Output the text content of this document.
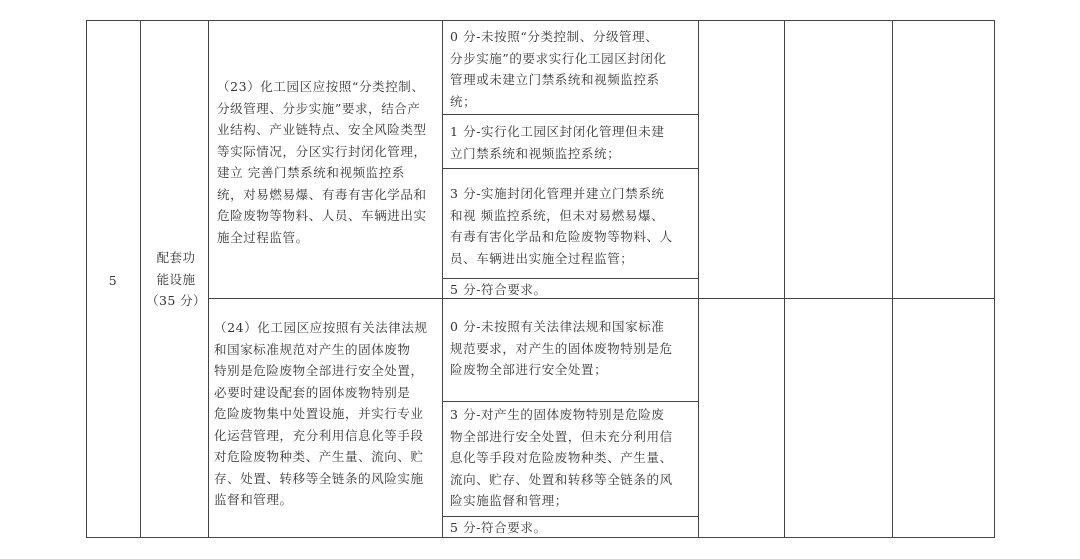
5
配套功
能设施
（35 分）
（23）化工园区应按照“分类控制、
分级管理、分步实施”要求，结合产
业结构、产业链特点、安全风险类型
等实际情况，分区实行封闭化管理，
建立 完善门禁系统和视频监控系
统，对易燃易爆、有毒有害化学品和
危险废物等物料、人员、车辆进出实
施全过程监管。
（24）化工园区应按照有关法律法规
和国家标准规范对产生的固体废物
特别是危险废物全部进行安全处置，
必要时建设配套的固体废物特别是
危险废物集中处置设施，并实行专业
化运营管理，充分利用信息化等手段
对危险废物种类、产生量、流向、贮
存、处置、转移等全链条的风险实施
监督和管理。
0 分-未按照“分类控制、分级管理、
分步实施”的要求实行化工园区封闭化
管理或未建立门禁系统和视频监控系
统；
1 分-实行化工园区封闭化管理但未建
立门禁系统和视频监控系统；
3 分-实施封闭化管理并建立门禁系统
和视 频监控系统，但未对易燃易爆、
有毒有害化学品和危险废物等物料、人
员、车辆进出实施全过程监管；
5 分-符合要求。
0 分-未按照有关法律法规和国家标准
规范要求，对产生的固体废物特别是危
险废物全部进行安全处置；
3 分-对产生的固体废物特别是危险废
物全部进行安全处置，但未充分利用信
息化等手段对危险废物种类、产生量、
流向、贮存、处置和转移等全链条的风
险实施监督和管理；
5 分-符合要求。
